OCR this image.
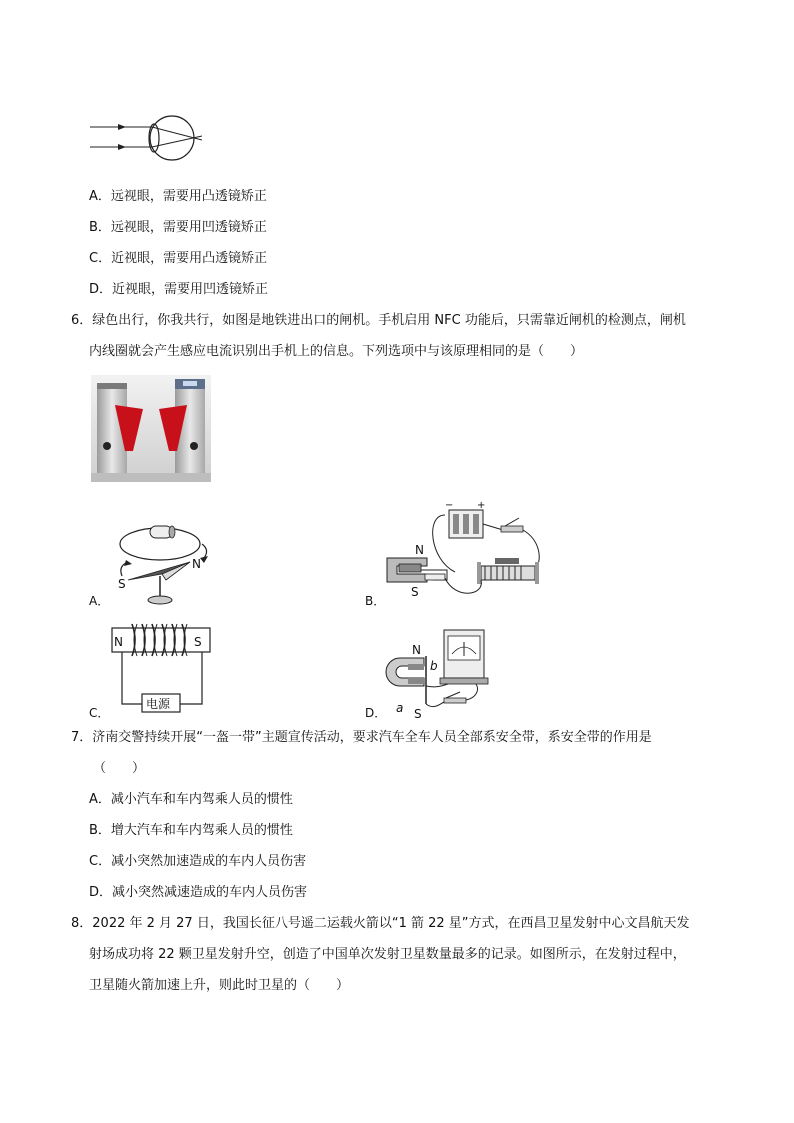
A．远视眼，需要用凸透镜矫正
B．远视眼，需要用凹透镜矫正
C．近视眼，需要用凸透镜矫正
D．近视眼，需要用凹透镜矫正
6．绿色出行，你我共行，如图是地铁进出口的闸机。手机启用 NFC 功能后，只需靠近闸机的检测点，闸机
内线圈就会产生感应电流识别出手机上的信息。下列选项中与该原理相同的是（　　）
S
N
A．
− +
N
S
B．
N	S
电源
C．
N
b
a S
D．
7．济南交警持续开展“一盔一带”主题宣传活动，要求汽车全车人员全部系安全带，系安全带的作用是
（　　）
A．减小汽车和车内驾乘人员的惯性
B．增大汽车和车内驾乘人员的惯性
C．减小突然加速造成的车内人员伤害
D．减小突然减速造成的车内人员伤害
8．2022 年 2 月 27 日，我国长征八号遥二运载火箭以“1 箭 22 星”方式，在西昌卫星发射中心文昌航天发
射场成功将 22 颗卫星发射升空，创造了中国单次发射卫星数量最多的记录。如图所示，在发射过程中，
卫星随火箭加速上升，则此时卫星的（　　）
